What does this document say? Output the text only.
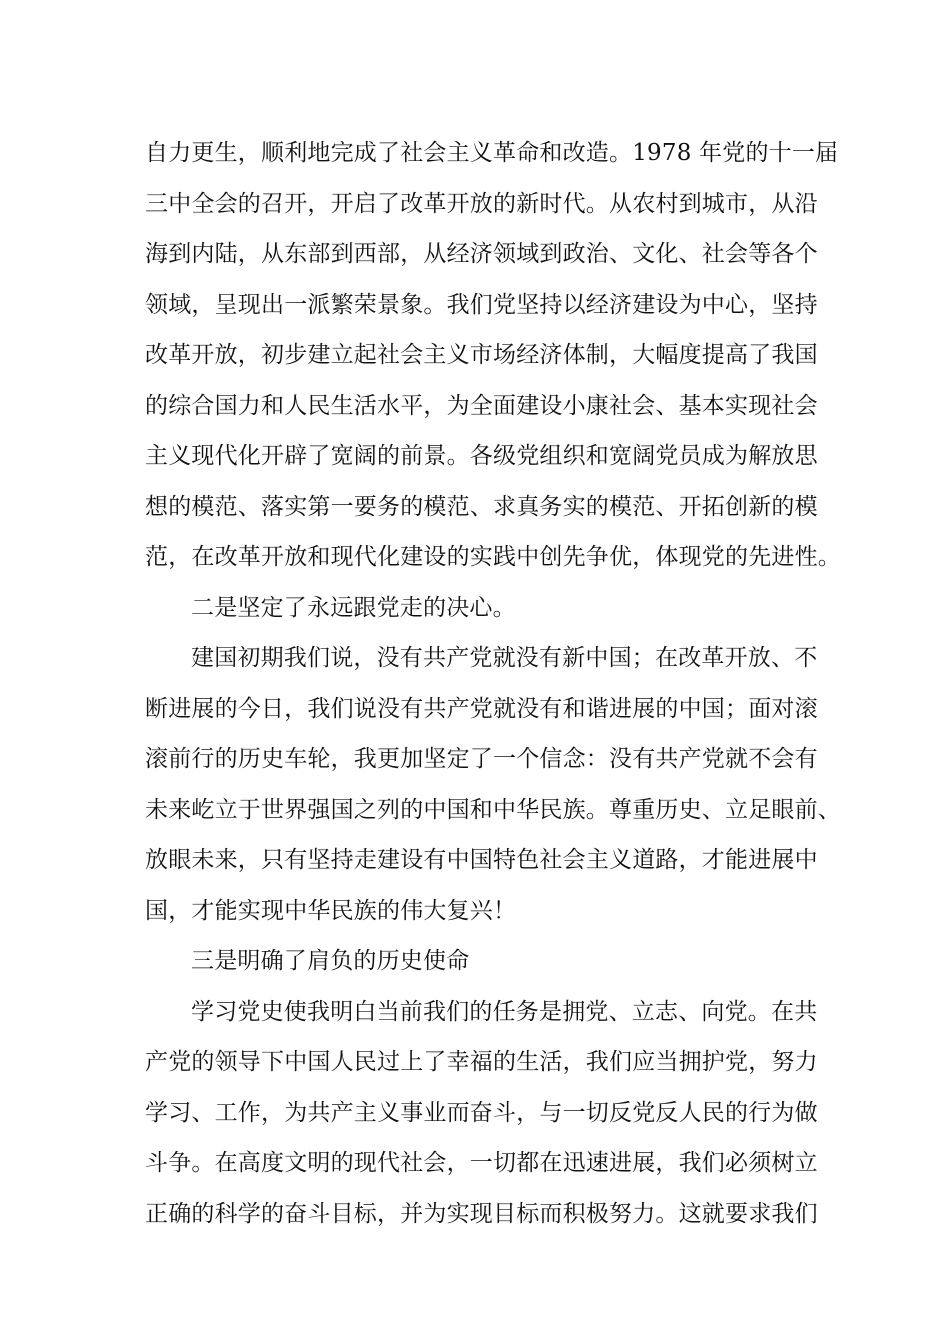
自力更生，顺利地完成了社会主义革命和改造。1978 年党的十一届
三中全会的召开，开启了改革开放的新时代。从农村到城市，从沿
海到内陆，从东部到西部，从经济领域到政治、文化、社会等各个
领域，呈现出一派繁荣景象。我们党坚持以经济建设为中心，坚持
改革开放，初步建立起社会主义市场经济体制，大幅度提高了我国
的综合国力和人民生活水平，为全面建设小康社会、基本实现社会
主义现代化开辟了宽阔的前景。各级党组织和宽阔党员成为解放思
想的模范、落实第一要务的模范、求真务实的模范、开拓创新的模
范，在改革开放和现代化建设的实践中创先争优，体现党的先进性。
二是坚定了永远跟党走的决心。
建国初期我们说，没有共产党就没有新中国；在改革开放、不
断进展的今日，我们说没有共产党就没有和谐进展的中国；面对滚
滚前行的历史车轮，我更加坚定了一个信念：没有共产党就不会有
未来屹立于世界强国之列的中国和中华民族。尊重历史、立足眼前、
放眼未来，只有坚持走建设有中国特色社会主义道路，才能进展中
国，才能实现中华民族的伟大复兴！
三是明确了肩负的历史使命
学习党史使我明白当前我们的任务是拥党、立志、向党。在共
产党的领导下中国人民过上了幸福的生活，我们应当拥护党，努力
学习、工作，为共产主义事业而奋斗，与一切反党反人民的行为做
斗争。在高度文明的现代社会，一切都在迅速进展，我们必须树立
正确的科学的奋斗目标，并为实现目标而积极努力。这就要求我们
